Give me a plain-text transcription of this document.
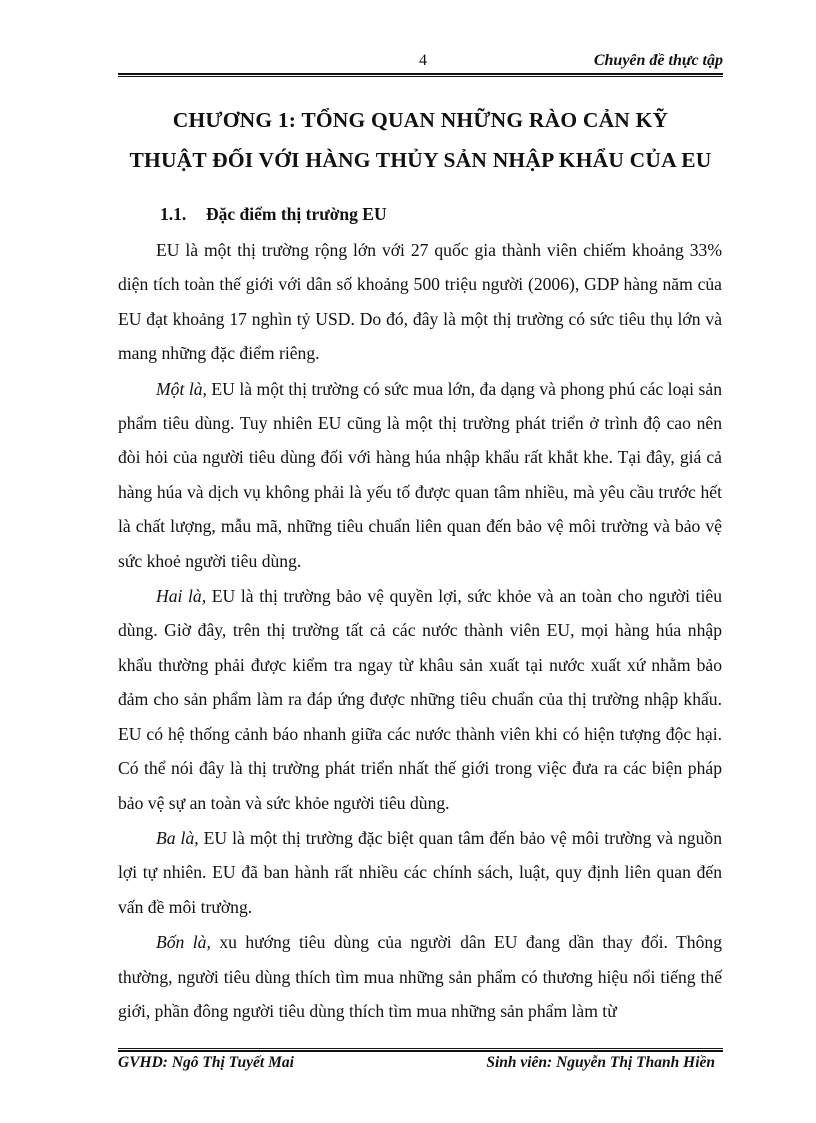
4	Chuyên đề thực tập
CHƯƠNG 1: TỔNG QUAN NHỮNG RÀO CẢN KỸ
THUẬT ĐỐI VỚI HÀNG THỦY SẢN NHẬP KHẨU CỦA EU
1.1. Đặc điểm thị trường EU

EU là một thị trường rộng lớn với 27 quốc gia thành viên chiếm khoảng 33% diện tích toàn thế giới với dân số khoảng 500 triệu người (2006), GDP hàng năm của EU đạt khoảng 17 nghìn tỷ USD. Do đó, đây là một thị trường có sức tiêu thụ lớn và mang những đặc điểm riêng.

Một là, EU là một thị trường có sức mua lớn, đa dạng và phong phú các loại sản phẩm tiêu dùng. Tuy nhiên EU cũng là một thị trường phát triển ở trình độ cao nên đòi hỏi của người tiêu dùng đối với hàng húa nhập khẩu rất khắt khe. Tại đây, giá cả hàng húa và dịch vụ không phải là yếu tố được quan tâm nhiều, mà yêu cầu trước hết là chất lượng, mẫu mã, những tiêu chuẩn liên quan đến bảo vệ môi trường và bảo vệ sức khoẻ người tiêu dùng.

Hai là, EU là thị trường bảo vệ quyền lợi, sức khỏe và an toàn cho người tiêu dùng. Giờ đây, trên thị trường tất cả các nước thành viên EU, mọi hàng húa nhập khẩu thường phải được kiểm tra ngay từ khâu sản xuất tại nước xuất xứ nhằm bảo đảm cho sản phẩm làm ra đáp ứng được những tiêu chuẩn của thị trường nhập khẩu. EU có hệ thống cảnh báo nhanh giữa các nước thành viên khi có hiện tượng độc hại. Có thể nói đây là thị trường phát triển nhất thế giới trong việc đưa ra các biện pháp bảo vệ sự an toàn và sức khỏe người tiêu dùng.

Ba là, EU là một thị trường đặc biệt quan tâm đến bảo vệ môi trường và nguồn lợi tự nhiên. EU đã ban hành rất nhiều các chính sách, luật, quy định liên quan đến vấn đề môi trường.

Bốn là, xu hướng tiêu dùng của người dân EU đang dần thay đổi. Thông thường, người tiêu dùng thích tìm mua những sản phẩm có thương hiệu nổi tiếng thế giới, phần đông người tiêu dùng thích tìm mua những sản phẩm làm từ

GVHD: Ngô Thị Tuyết Mai	Sinh viên: Nguyễn Thị Thanh Hiền
